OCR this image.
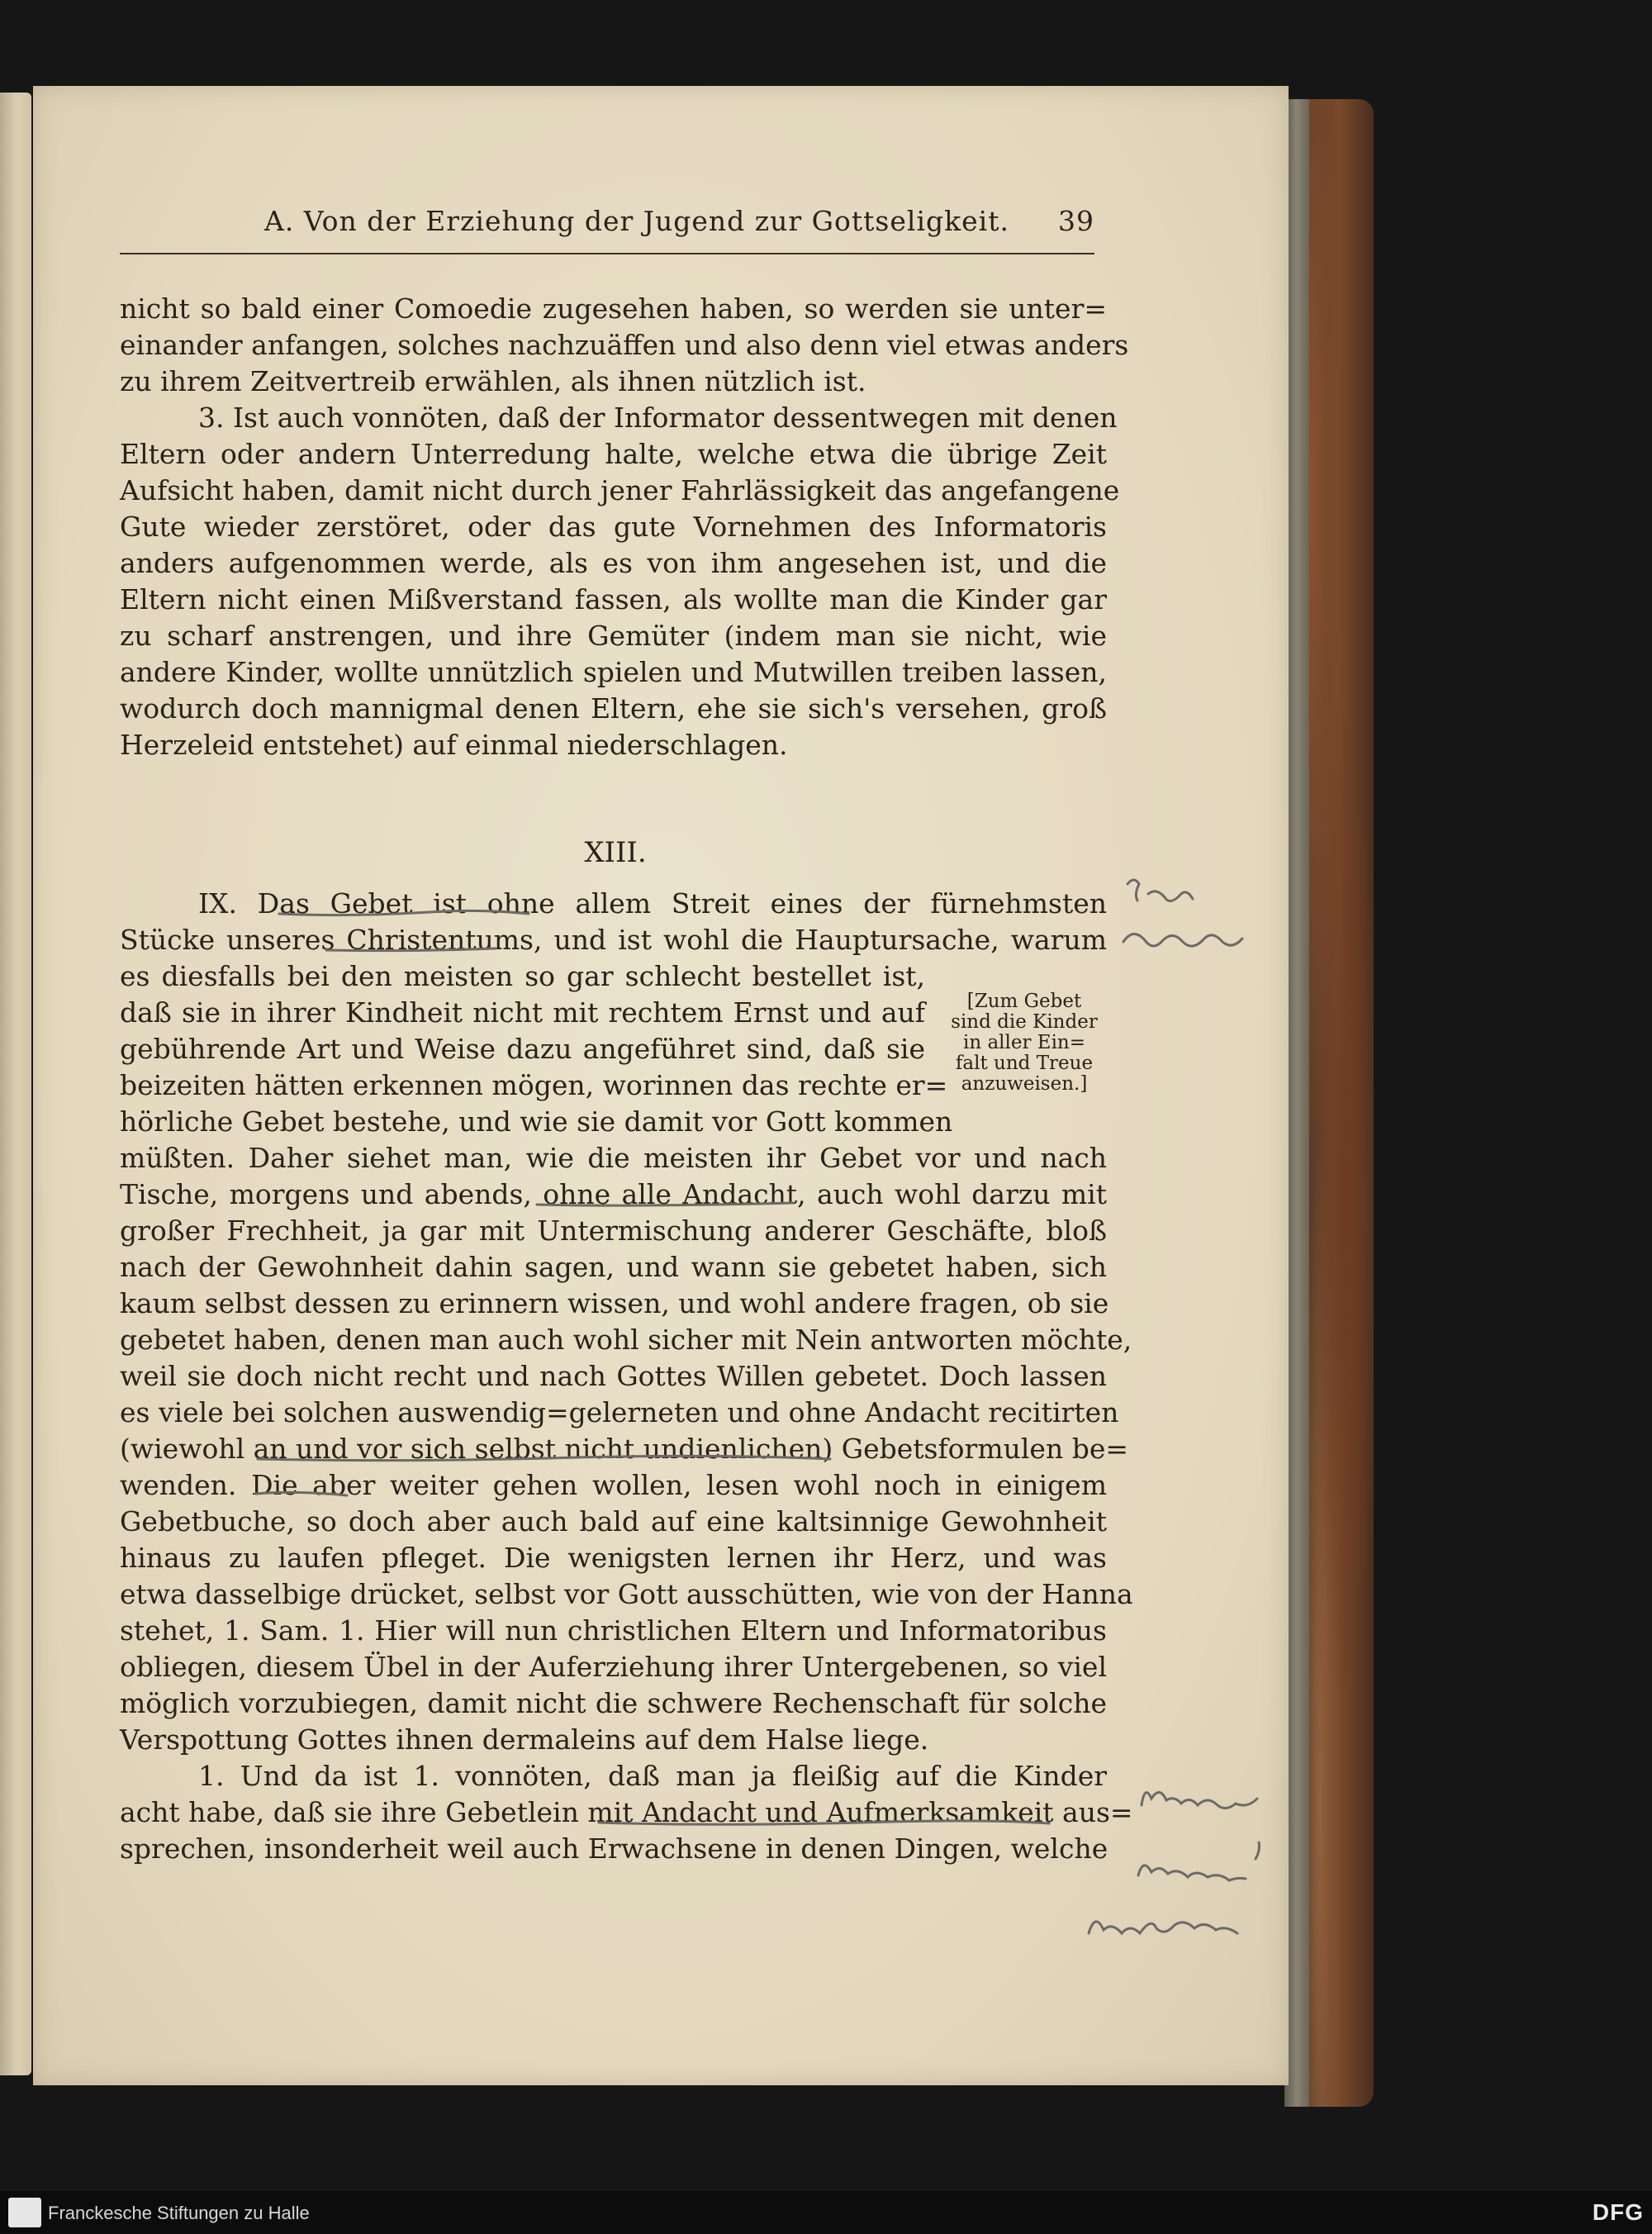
A. Von der Erziehung der Jugend zur Gottseligkeit. 39
nicht so bald einer Comoedie zugesehen haben, so werden sie unter=
einander anfangen, solches nachzuäffen und also denn viel etwas anders
zu ihrem Zeitvertreib erwählen, als ihnen nützlich ist.
3. Ist auch vonnöten, daß der Informator dessentwegen mit denen
Eltern oder andern Unterredung halte, welche etwa die übrige Zeit
Aufsicht haben, damit nicht durch jener Fahrlässigkeit das angefangene
Gute wieder zerstöret, oder das gute Vornehmen des Informatoris
anders aufgenommen werde, als es von ihm angesehen ist, und die
Eltern nicht einen Mißverstand fassen, als wollte man die Kinder gar
zu scharf anstrengen, und ihre Gemüter (indem man sie nicht, wie
andere Kinder, wollte unnützlich spielen und Mutwillen treiben lassen,
wodurch doch mannigmal denen Eltern, ehe sie sich's versehen, groß
Herzeleid entstehet) auf einmal niederschlagen.
XIII.
IX. Das Gebet ist ohne allem Streit eines der fürnehmsten
Stücke unseres Christentums, und ist wohl die Hauptursache, warum
es diesfalls bei den meisten so gar schlecht bestellet ist,
daß sie in ihrer Kindheit nicht mit rechtem Ernst und auf
gebührende Art und Weise dazu angeführet sind, daß sie
beizeiten hätten erkennen mögen, worinnen das rechte er=
hörliche Gebet bestehe, und wie sie damit vor Gott kommen
müßten. Daher siehet man, wie die meisten ihr Gebet vor und nach
Tische, morgens und abends, ohne alle Andacht, auch wohl darzu mit
großer Frechheit, ja gar mit Untermischung anderer Geschäfte, bloß
nach der Gewohnheit dahin sagen, und wann sie gebetet haben, sich
kaum selbst dessen zu erinnern wissen, und wohl andere fragen, ob sie
gebetet haben, denen man auch wohl sicher mit Nein antworten möchte,
weil sie doch nicht recht und nach Gottes Willen gebetet. Doch lassen
es viele bei solchen auswendig=gelerneten und ohne Andacht recitirten
(wiewohl an und vor sich selbst nicht undienlichen) Gebetsformulen be=
wenden. Die aber weiter gehen wollen, lesen wohl noch in einigem
Gebetbuche, so doch aber auch bald auf eine kaltsinnige Gewohnheit
hinaus zu laufen pfleget. Die wenigsten lernen ihr Herz, und was
etwa dasselbige drücket, selbst vor Gott ausschütten, wie von der Hanna
stehet, 1. Sam. 1. Hier will nun christlichen Eltern und Informatoribus
obliegen, diesem Übel in der Auferziehung ihrer Untergebenen, so viel
möglich vorzubiegen, damit nicht die schwere Rechenschaft für solche
Verspottung Gottes ihnen dermaleins auf dem Halse liege.
1. Und da ist 1. vonnöten, daß man ja fleißig auf die Kinder
acht habe, daß sie ihre Gebetlein mit Andacht und Aufmerksamkeit aus=
sprechen, insonderheit weil auch Erwachsene in denen Dingen, welche
[Zum Gebet
sind die Kinder
in aller Ein=
falt und Treue
anzuweisen.]
Franckesche Stiftungen zu Halle	DFG
